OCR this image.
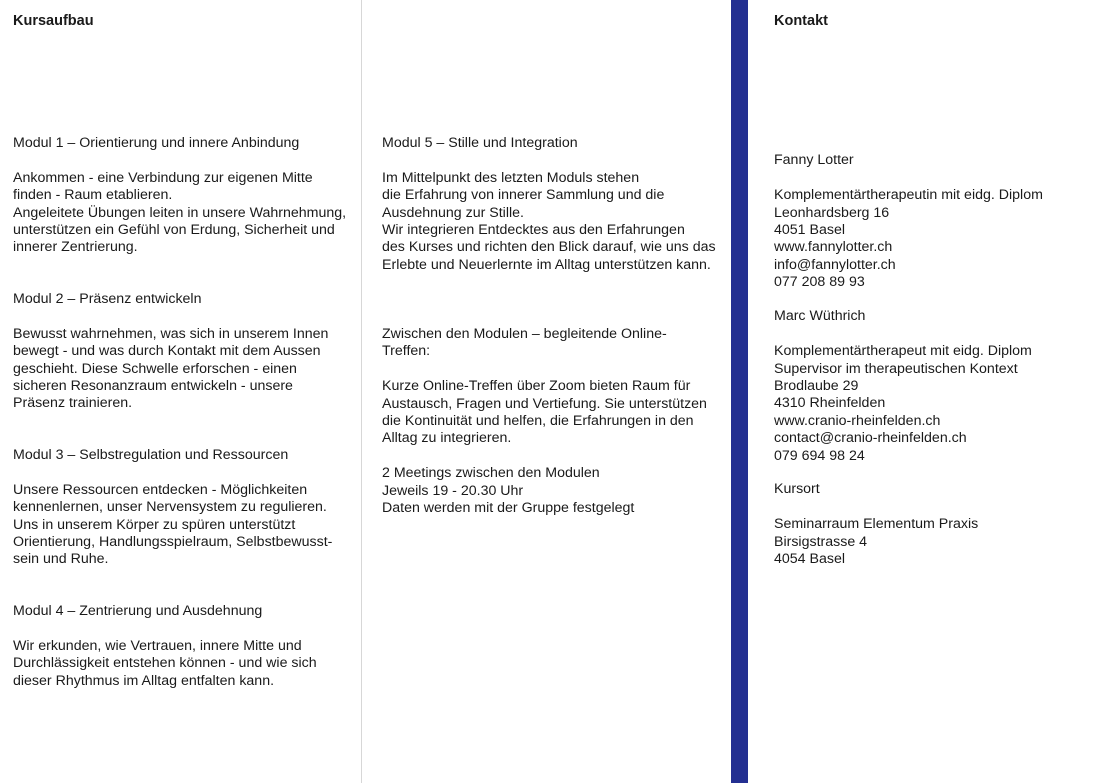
Kursaufbau
Modul 1 – Orientierung und innere Anbindung
Ankommen - eine Verbindung zur eigenen Mitte
finden - Raum etablieren.
Angeleitete Übungen leiten in unsere Wahrnehmung,
unterstützen ein Gefühl von Erdung, Sicherheit und
innerer Zentrierung.
Modul 2 – Präsenz entwickeln
Bewusst wahrnehmen, was sich in unserem Innen
bewegt - und was durch Kontakt mit dem Aussen
geschieht. Diese Schwelle erforschen - einen
sicheren Resonanzraum entwickeln - unsere
Präsenz trainieren.
Modul 3 – Selbstregulation und Ressourcen
Unsere Ressourcen entdecken - Möglichkeiten
kennenlernen, unser Nervensystem zu regulieren.
Uns in unserem Körper zu spüren unterstützt
Orientierung, Handlungsspielraum, Selbstbewusst-
sein und Ruhe.
Modul 4 – Zentrierung und Ausdehnung
Wir erkunden, wie Vertrauen, innere Mitte und
Durchlässigkeit entstehen können - und wie sich
dieser Rhythmus im Alltag entfalten kann.
Modul 5 – Stille und Integration
Im Mittelpunkt des letzten Moduls stehen
die Erfahrung von innerer Sammlung und die
Ausdehnung zur Stille.
Wir integrieren Entdecktes aus den Erfahrungen
des Kurses und richten den Blick darauf, wie uns das
Erlebte und Neuerlernte im Alltag unterstützen kann.
Zwischen den Modulen – begleitende Online-
Treffen:
Kurze Online-Treffen über Zoom bieten Raum für
Austausch, Fragen und Vertiefung. Sie unterstützen
die Kontinuität und helfen, die Erfahrungen in den
Alltag zu integrieren.

2 Meetings zwischen den Modulen
Jeweils 19 - 20.30 Uhr
Daten werden mit der Gruppe festgelegt
Kontakt

Fanny Lotter

Komplementärtherapeutin mit eidg. Diplom
Leonhardsberg 16
4051 Basel
www.fannylotter.ch
info@fannylotter.ch
077 208 89 93

Marc Wüthrich

Komplementärtherapeut mit eidg. Diplom
Supervisor im therapeutischen Kontext
Brodlaube 29
4310 Rheinfelden
www.cranio-rheinfelden.ch
contact@cranio-rheinfelden.ch
079 694 98 24

Kursort

Seminarraum Elementum Praxis
Birsigstrasse 4
4054 Basel
